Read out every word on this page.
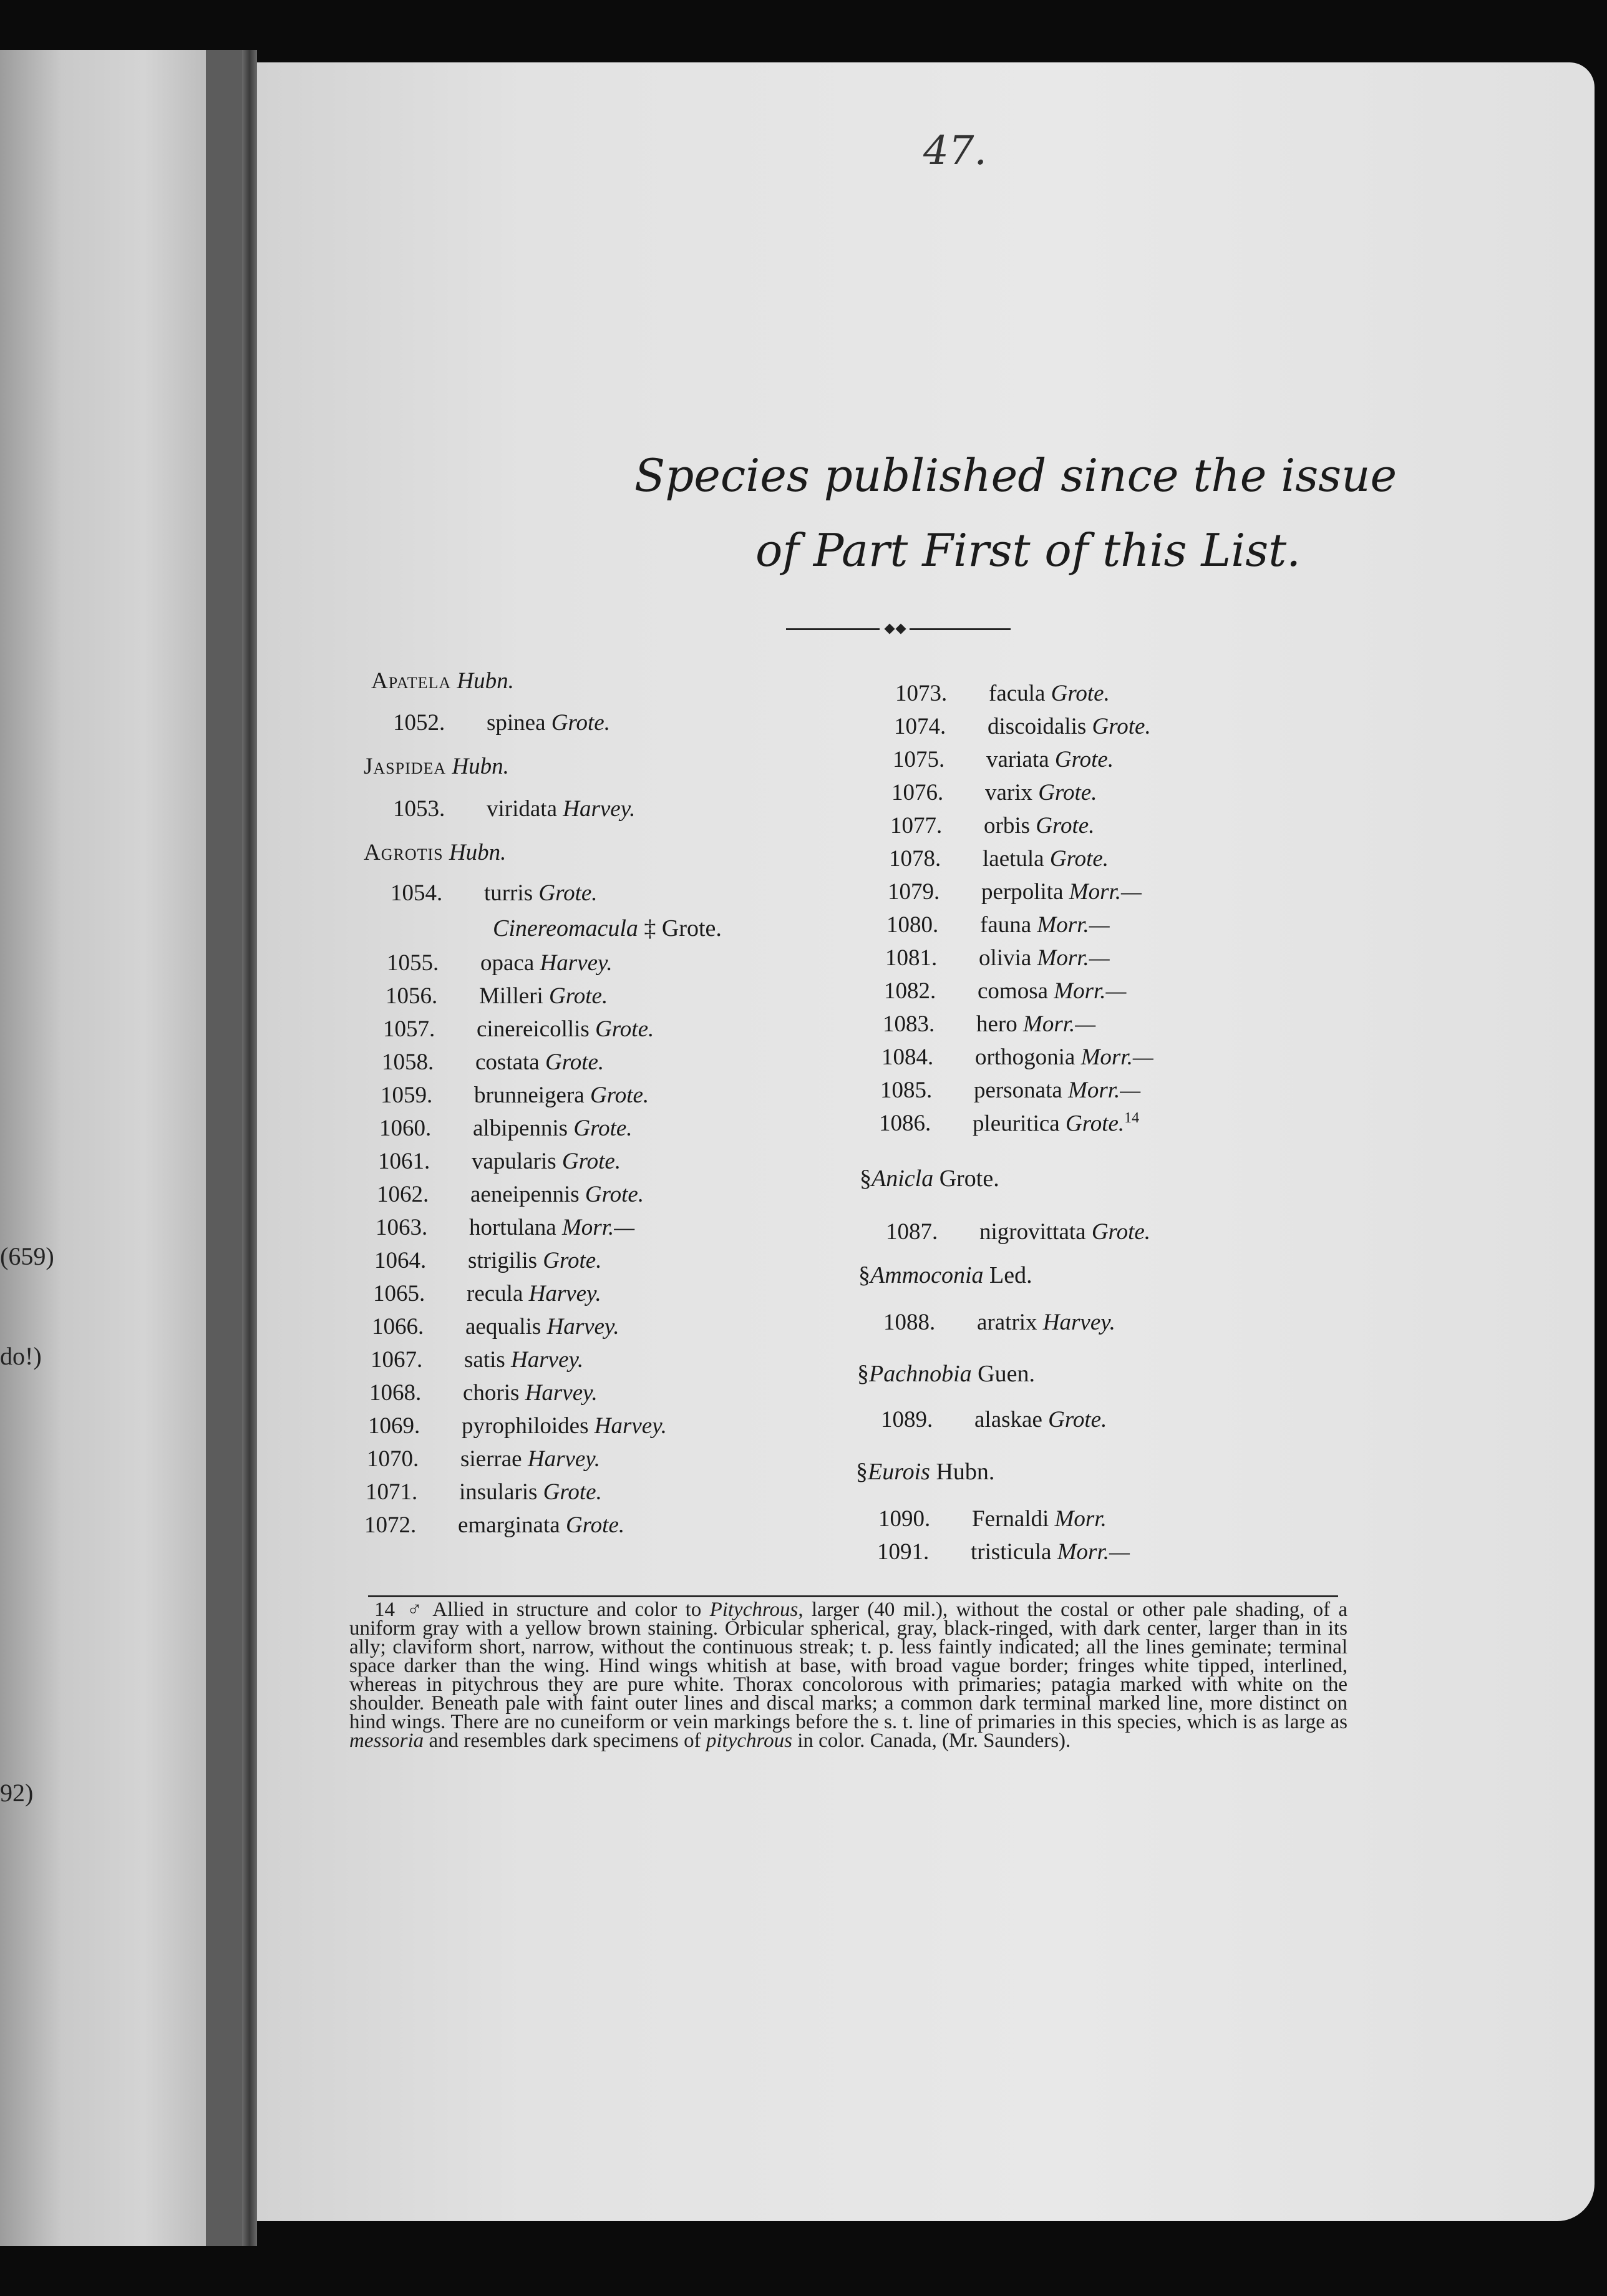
(659)
do!)
92)
47.
Species published since the issue
of Part First of this List.
Apatela Hubn.
1052. spinea Grote.
Jaspidea Hubn.
1053. viridata Harvey.
Agrotis Hubn.
1054. turris Grote.
Cinereomacula ‡ Grote.
1055. opaca Harvey.
1056. Milleri Grote.
1057. cinereicollis Grote.
1058. costata Grote.
1059. brunneigera Grote.
1060. albipennis Grote.
1061. vapularis Grote.
1062. aeneipennis Grote.
1063. hortulana Morr.—
1064. strigilis Grote.
1065. recula Harvey.
1066. aequalis Harvey.
1067. satis Harvey.
1068. choris Harvey.
1069. pyrophiloides Harvey.
1070. sierrae Harvey.
1071. insularis Grote.
1072. emarginata Grote.
1073. facula Grote.
1074. discoidalis Grote.
1075. variata Grote.
1076. varix Grote.
1077. orbis Grote.
1078. laetula Grote.
1079. perpolita Morr.—
1080. fauna Morr.—
1081. olivia Morr.—
1082. comosa Morr.—
1083. hero Morr.—
1084. orthogonia Morr.—
1085. personata Morr.—
1086. pleuritica Grote.$^{14}$
§Anicla Grote.
1087. nigrovittata Grote.
§Ammoconia Led.
1088. aratrix Harvey.
§Pachnobia Guen.
1089. alaskae Grote.
§Eurois Hubn.
1090. Fernaldi Morr.
1091. tristicula Morr.—
14 ♂ Allied in structure and color to Pitychrous, larger (40 mil.), without the costal or other pale shading, of a uniform gray with a yellow brown staining. Orbicular spherical, gray, black-ringed, with dark center, larger than in its ally; claviform short, narrow, without the continuous streak; t. p. less faintly indicated; all the lines geminate; terminal space darker than the wing. Hind wings whitish at base, with broad vague border; fringes white tipped, interlined, whereas in pitychrous they are pure white. Thorax concolorous with primaries; patagia marked with white on the shoulder. Beneath pale with faint outer lines and discal marks; a common dark terminal marked line, more distinct on hind wings. There are no cuneiform or vein markings before the s. t. line of primaries in this species, which is as large as messoria and resembles dark specimens of pitychrous in color. Canada, (Mr. Saunders).
